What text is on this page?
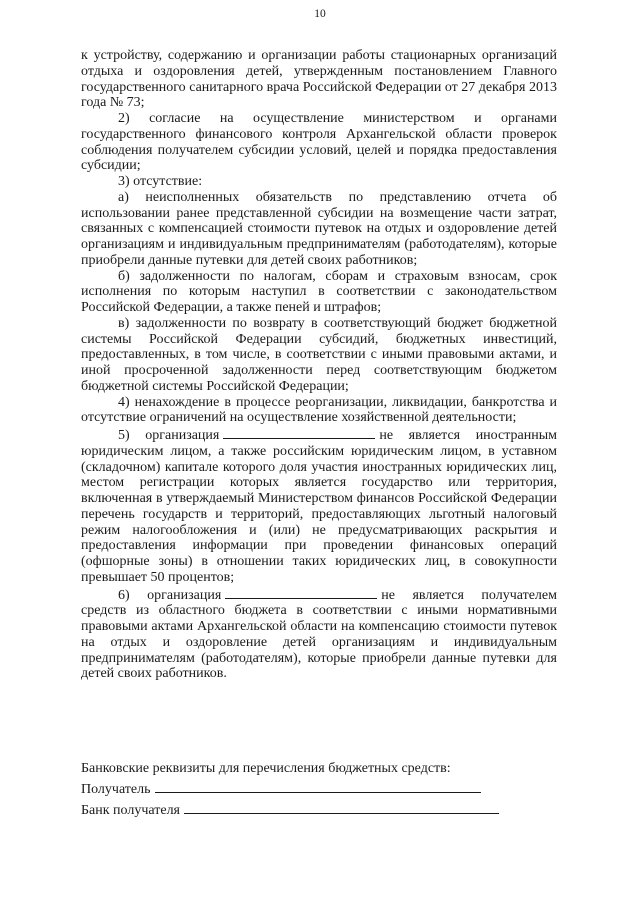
10

к устройству, содержанию и организации работы стационарных организаций отдыха и оздоровления детей, утвержденным постановлением Главного государственного санитарного врача Российской Федерации от 27 декабря 2013 года № 73;

2) согласие на осуществление министерством и органами государственного финансового контроля Архангельской области проверок соблюдения получателем субсидии условий, целей и порядка предоставления субсидии;

3) отсутствие:

а) неисполненных обязательств по представлению отчета об использовании ранее представленной субсидии на возмещение части затрат, связанных с компенсацией стоимости путевок на отдых и оздоровление детей организациям и индивидуальным предпринимателям (работодателям), которые приобрели данные путевки для детей своих работников;

б) задолженности по налогам, сборам и страховым взносам, срок исполнения по которым наступил в соответствии с законодательством Российской Федерации, а также пеней и штрафов;

в) задолженности по возврату в соответствующий бюджет бюджетной системы Российской Федерации субсидий, бюджетных инвестиций, предоставленных, в том числе, в соответствии с иными правовыми актами, и иной просроченной задолженности перед соответствующим бюджетом бюджетной системы Российской Федерации;

4) ненахождение в процессе реорганизации, ликвидации, банкротства и отсутствие ограничений на осуществление хозяйственной деятельности;

5) организация	не является иностранным юридическим лицом, а также российским юридическим лицом, в уставном (складочном) капитале которого доля участия иностранных юридических лиц, местом регистрации которых является государство или территория, включенная в утверждаемый Министерством финансов Российской Федерации перечень государств и территорий, предоставляющих льготный налоговый режим налогообложения и (или) не предусматривающих раскрытия и предоставления информации при проведении финансовых операций (офшорные зоны) в отношении таких юридических лиц, в совокупности превышает 50 процентов;

6) организация	не является получателем средств из областного бюджета в соответствии с иными нормативными правовыми актами Архангельской области на компенсацию стоимости путевок на отдых и оздоровление детей организациям и индивидуальным предпринимателям (работодателям), которые приобрели данные путевки для детей своих работников.

Банковские реквизиты для перечисления бюджетных средств:
Получатель
Банк получателя
